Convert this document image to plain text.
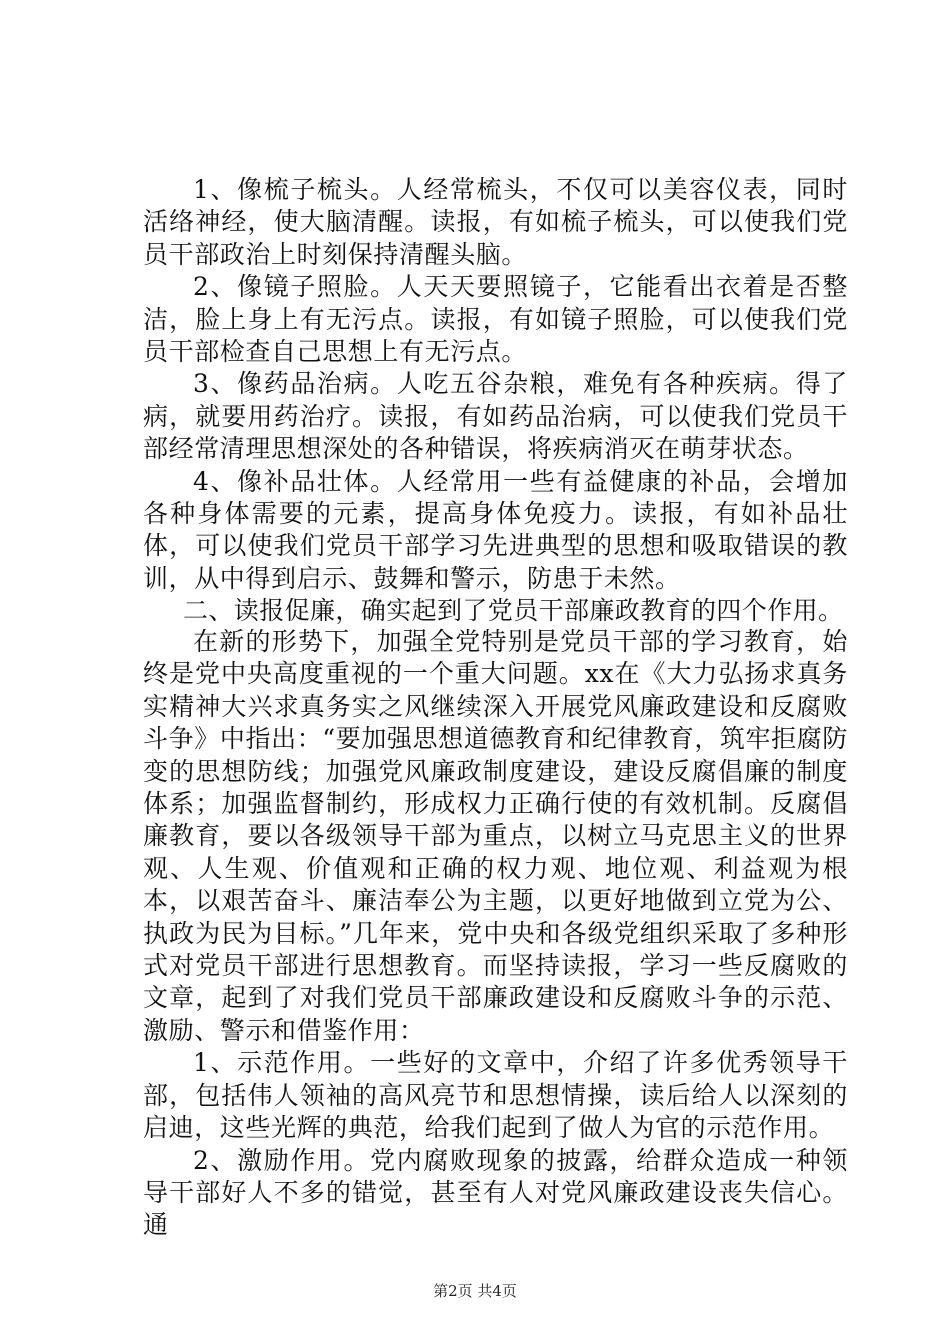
1、像梳子梳头。人经常梳头，不仅可以美容仪表，同时活络神经，使大脑清醒。读报，有如梳子梳头，可以使我们党员干部政治上时刻保持清醒头脑。

2、像镜子照脸。人天天要照镜子，它能看出衣着是否整洁，脸上身上有无污点。读报，有如镜子照脸，可以使我们党员干部检查自己思想上有无污点。

3、像药品治病。人吃五谷杂粮，难免有各种疾病。得了病，就要用药治疗。读报，有如药品治病，可以使我们党员干部经常清理思想深处的各种错误，将疾病消灭在萌芽状态。

4、像补品壮体。人经常用一些有益健康的补品，会增加各种身体需要的元素，提高身体免疫力。读报，有如补品壮体，可以使我们党员干部学习先进典型的思想和吸取错误的教训，从中得到启示、鼓舞和警示，防患于未然。

二、读报促廉，确实起到了党员干部廉政教育的四个作用。

在新的形势下，加强全党特别是党员干部的学习教育，始终是党中央高度重视的一个重大问题。xx在《大力弘扬求真务实精神大兴求真务实之风继续深入开展党风廉政建设和反腐败斗争》中指出：“要加强思想道德教育和纪律教育，筑牢拒腐防变的思想防线；加强党风廉政制度建设，建设反腐倡廉的制度体系；加强监督制约，形成权力正确行使的有效机制。反腐倡廉教育，要以各级领导干部为重点，以树立马克思主义的世界观、人生观、价值观和正确的权力观、地位观、利益观为根本，以艰苦奋斗、廉洁奉公为主题，以更好地做到立党为公、执政为民为目标。”几年来，党中央和各级党组织采取了多种形式对党员干部进行思想教育。而坚持读报，学习一些反腐败的文章，起到了对我们党员干部廉政建设和反腐败斗争的示范、激励、警示和借鉴作用：

1、示范作用。一些好的文章中，介绍了许多优秀领导干部，包括伟人领袖的高风亮节和思想情操，读后给人以深刻的启迪，这些光辉的典范，给我们起到了做人为官的示范作用。

2、激励作用。党内腐败现象的披露，给群众造成一种领导干部好人不多的错觉，甚至有人对党风廉政建设丧失信心。通

第2页 共4页
